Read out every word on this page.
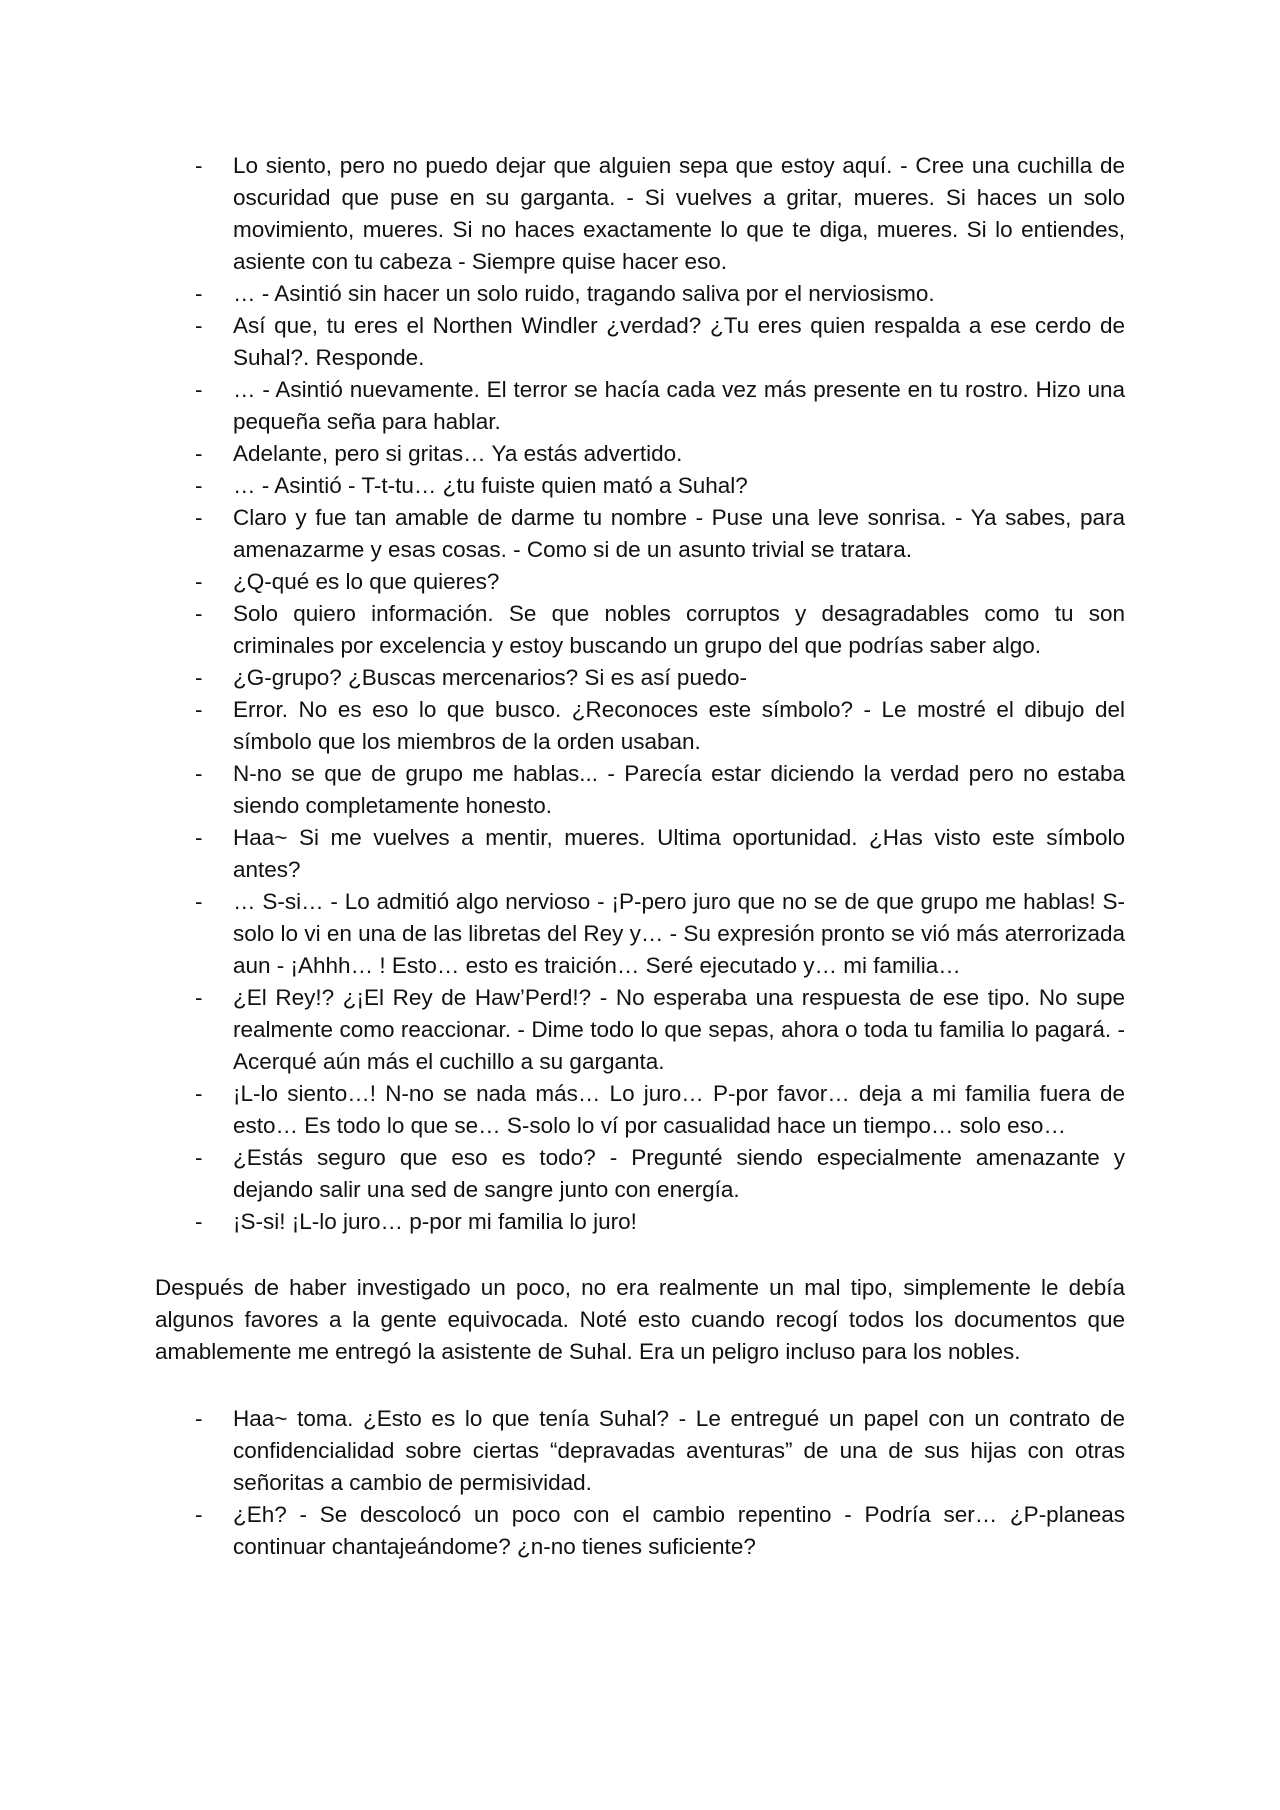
- Lo siento, pero no puedo dejar que alguien sepa que estoy aquí. - Cree una cuchilla de oscuridad que puse en su garganta. - Si vuelves a gritar, mueres. Si haces un solo movimiento, mueres. Si no haces exactamente lo que te diga, mueres. Si lo entiendes, asiente con tu cabeza - Siempre quise hacer eso.
- … - Asintió sin hacer un solo ruido, tragando saliva por el nerviosismo.
- Así que, tu eres el Northen Windler ¿verdad? ¿Tu eres quien respalda a ese cerdo de Suhal?. Responde.
- … - Asintió nuevamente. El terror se hacía cada vez más presente en tu rostro. Hizo una pequeña seña para hablar.
- Adelante, pero si gritas… Ya estás advertido.
- … - Asintió - T-t-tu… ¿tu fuiste quien mató a Suhal?
- Claro y fue tan amable de darme tu nombre - Puse una leve sonrisa. - Ya sabes, para amenazarme y esas cosas. - Como si de un asunto trivial se tratara.
- ¿Q-qué es lo que quieres?
- Solo quiero información. Se que nobles corruptos y desagradables como tu son criminales por excelencia y estoy buscando un grupo del que podrías saber algo.
- ¿G-grupo? ¿Buscas mercenarios? Si es así puedo-
- Error. No es eso lo que busco. ¿Reconoces este símbolo? - Le mostré el dibujo del símbolo que los miembros de la orden usaban.
- N-no se que de grupo me hablas... - Parecía estar diciendo la verdad pero no estaba siendo completamente honesto.
- Haa~ Si me vuelves a mentir, mueres. Ultima oportunidad. ¿Has visto este símbolo antes?
- … S-si… - Lo admitió algo nervioso - ¡P-pero juro que no se de que grupo me hablas! S-solo lo vi en una de las libretas del Rey y… - Su expresión pronto se vió más aterrorizada aun - ¡Ahhh… ! Esto… esto es traición… Seré ejecutado y… mi familia…
- ¿El Rey!? ¿¡El Rey de Haw’Perd!? - No esperaba una respuesta de ese tipo. No supe realmente como reaccionar. - Dime todo lo que sepas, ahora o toda tu familia lo pagará. - Acerqué aún más el cuchillo a su garganta.
- ¡L-lo siento…! N-no se nada más… Lo juro… P-por favor… deja a mi familia fuera de esto… Es todo lo que se… S-solo lo ví por casualidad hace un tiempo… solo eso…
- ¿Estás seguro que eso es todo? - Pregunté siendo especialmente amenazante y dejando salir una sed de sangre junto con energía.
- ¡S-si! ¡L-lo juro… p-por mi familia lo juro!

Después de haber investigado un poco, no era realmente un mal tipo, simplemente le debía algunos favores a la gente equivocada. Noté esto cuando recogí todos los documentos que amablemente me entregó la asistente de Suhal. Era un peligro incluso para los nobles.

- Haa~ toma. ¿Esto es lo que tenía Suhal? - Le entregué un papel con un contrato de confidencialidad sobre ciertas “depravadas aventuras” de una de sus hijas con otras señoritas a cambio de permisividad.
- ¿Eh? - Se descolocó un poco con el cambio repentino - Podría ser… ¿P-planeas continuar chantajeándome? ¿n-no tienes suficiente?
